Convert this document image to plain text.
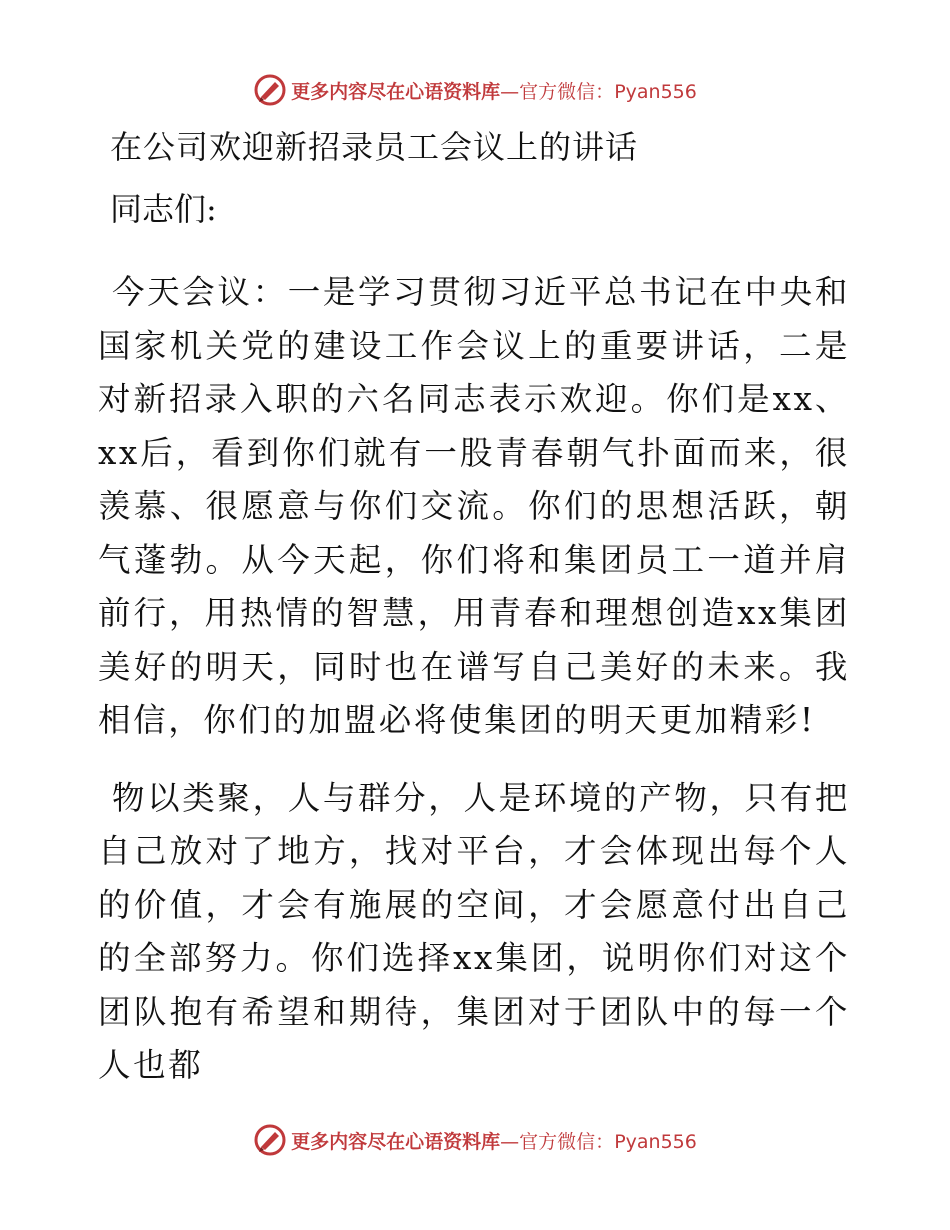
更多内容尽在心语资料库—官方微信：Pyan556
在公司欢迎新招录员工会议上的讲话

同志们:

今天会议：一是学习贯彻习近平总书记在中央和国家机关党的建设工作会议上的重要讲话，二是对新招录入职的六名同志表示欢迎。你们是xx、xx后，看到你们就有一股青春朝气扑面而来，很羡慕、很愿意与你们交流。你们的思想活跃，朝气蓬勃。从今天起，你们将和集团员工一道并肩前行，用热情的智慧，用青春和理想创造xx集团美好的明天，同时也在谱写自己美好的未来。我相信，你们的加盟必将使集团的明天更加精彩!

物以类聚，人与群分，人是环境的产物，只有把自己放对了地方，找对平台，才会体现出每个人的价值，才会有施展的空间，才会愿意付出自己的全部努力。你们选择xx集团，说明你们对这个团队抱有希望和期待，集团对于团队中的每一个人也都

更多内容尽在心语资料库—官方微信：Pyan556
